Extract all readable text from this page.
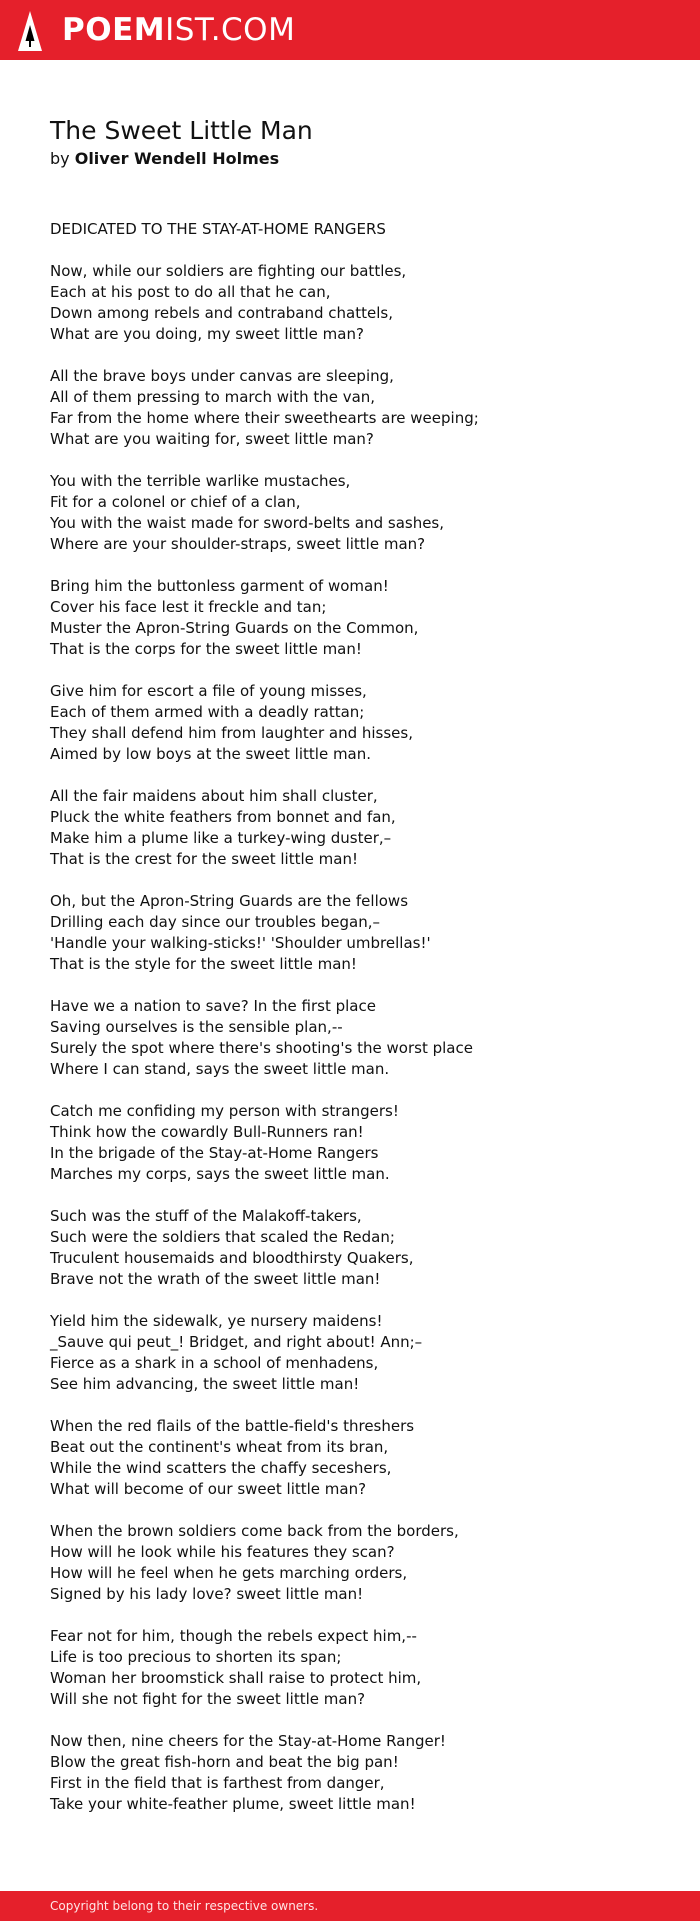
POEMIST.COM
The Sweet Little Man
by Oliver Wendell Holmes
DEDICATED TO THE STAY-AT-HOME RANGERS
Now, while our soldiers are fighting our battles,
Each at his post to do all that he can,
Down among rebels and contraband chattels,
What are you doing, my sweet little man?
All the brave boys under canvas are sleeping,
All of them pressing to march with the van,
Far from the home where their sweethearts are weeping;
What are you waiting for, sweet little man?
You with the terrible warlike mustaches,
Fit for a colonel or chief of a clan,
You with the waist made for sword-belts and sashes,
Where are your shoulder-straps, sweet little man?
Bring him the buttonless garment of woman!
Cover his face lest it freckle and tan;
Muster the Apron-String Guards on the Common,
That is the corps for the sweet little man!
Give him for escort a file of young misses,
Each of them armed with a deadly rattan;
They shall defend him from laughter and hisses,
Aimed by low boys at the sweet little man.
All the fair maidens about him shall cluster,
Pluck the white feathers from bonnet and fan,
Make him a plume like a turkey-wing duster,–
That is the crest for the sweet little man!
Oh, but the Apron-String Guards are the fellows
Drilling each day since our troubles began,–
'Handle your walking-sticks!' 'Shoulder umbrellas!'
That is the style for the sweet little man!
Have we a nation to save? In the first place
Saving ourselves is the sensible plan,--
Surely the spot where there's shooting's the worst place
Where I can stand, says the sweet little man.
Catch me confiding my person with strangers!
Think how the cowardly Bull-Runners ran!
In the brigade of the Stay-at-Home Rangers
Marches my corps, says the sweet little man.
Such was the stuff of the Malakoff-takers,
Such were the soldiers that scaled the Redan;
Truculent housemaids and bloodthirsty Quakers,
Brave not the wrath of the sweet little man!
Yield him the sidewalk, ye nursery maidens!
_Sauve qui peut_! Bridget, and right about! Ann;–
Fierce as a shark in a school of menhadens,
See him advancing, the sweet little man!
When the red flails of the battle-field's threshers
Beat out the continent's wheat from its bran,
While the wind scatters the chaffy seceshers,
What will become of our sweet little man?
When the brown soldiers come back from the borders,
How will he look while his features they scan?
How will he feel when he gets marching orders,
Signed by his lady love? sweet little man!
Fear not for him, though the rebels expect him,--
Life is too precious to shorten its span;
Woman her broomstick shall raise to protect him,
Will she not fight for the sweet little man?
Now then, nine cheers for the Stay-at-Home Ranger!
Blow the great fish-horn and beat the big pan!
First in the field that is farthest from danger,
Take your white-feather plume, sweet little man!
Copyright belong to their respective owners.
